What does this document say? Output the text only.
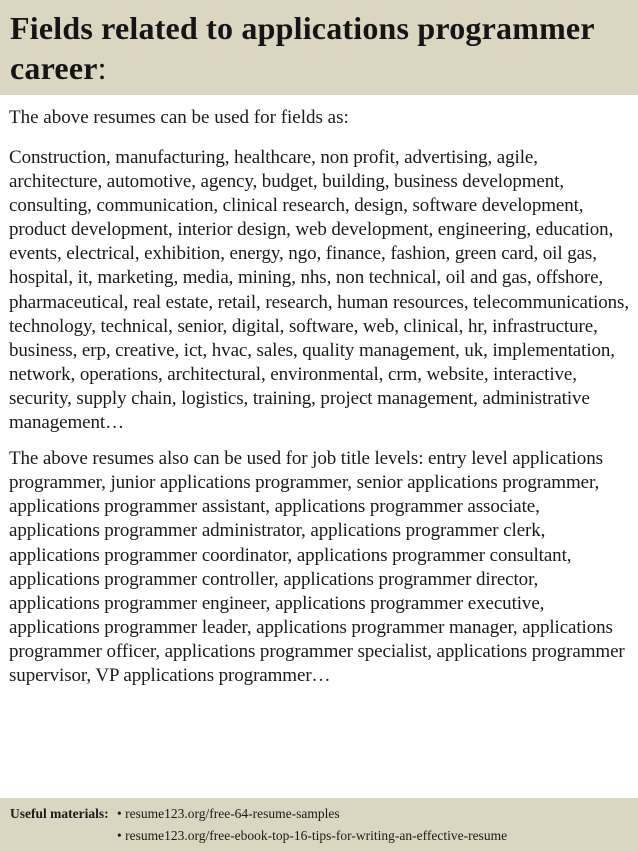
Fields related to applications programmer career:

The above resumes can be used for fields as:

Construction, manufacturing, healthcare, non profit, advertising, agile, architecture, automotive, agency, budget, building, business development, consulting, communication, clinical research, design, software development, product development, interior design, web development, engineering, education, events, electrical, exhibition, energy, ngo, finance, fashion, green card, oil gas, hospital, it, marketing, media, mining, nhs, non technical, oil and gas, offshore, pharmaceutical, real estate, retail, research, human resources, telecommunications, technology, technical, senior, digital, software, web, clinical, hr, infrastructure, business, erp, creative, ict, hvac, sales, quality management, uk, implementation, network, operations, architectural, environmental, crm, website, interactive, security, supply chain, logistics, training, project management, administrative management…

The above resumes also can be used for job title levels: entry level applications programmer, junior applications programmer, senior applications programmer, applications programmer assistant, applications programmer associate, applications programmer administrator, applications programmer clerk, applications programmer coordinator, applications programmer consultant, applications programmer controller, applications programmer director, applications programmer engineer, applications programmer executive, applications programmer leader, applications programmer manager, applications programmer officer, applications programmer specialist, applications programmer supervisor, VP applications programmer…

Useful materials: • resume123.org/free-64-resume-samples
• resume123.org/free-ebook-top-16-tips-for-writing-an-effective-resume
